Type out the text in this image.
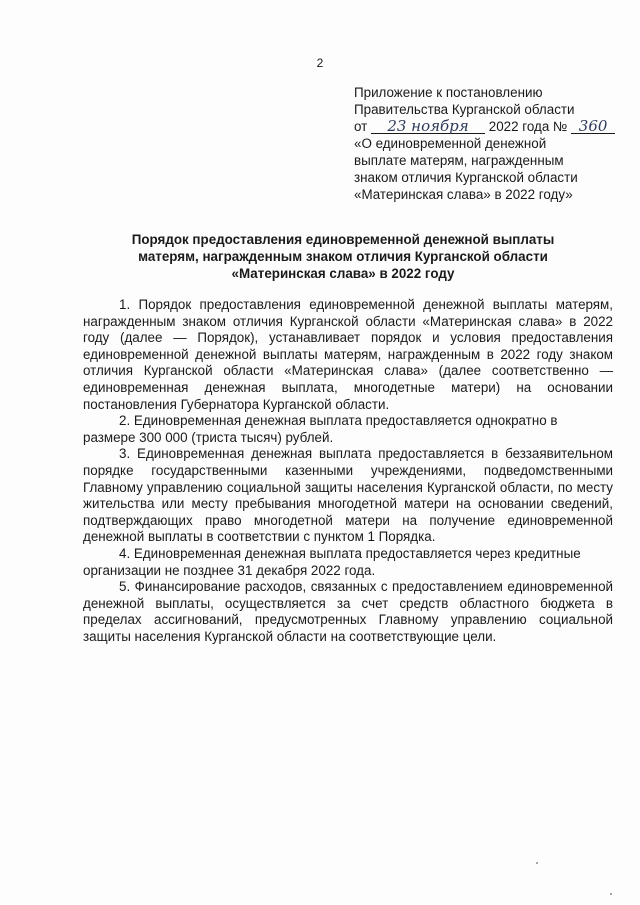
2
Приложение к постановлению
Правительства Курганской области
от 23 ноября 2022 года № 360
«О единовременной денежной
выплате матерям, награжденным
знаком отличия Курганской области
«Материнская слава» в 2022 году»
Порядок предоставления единовременной денежной выплаты
матерям, награжденным знаком отличия Курганской области
«Материнская слава» в 2022 году

1. Порядок предоставления единовременной денежной выплаты матерям, награжденным знаком отличия Курганской области «Материнская слава» в 2022 году (далее — Порядок), устанавливает порядок и условия предоставления единовременной денежной выплаты матерям, награжденным в 2022 году знаком отличия Курганской области «Материнская слава» (далее соответственно — единовременная денежная выплата, многодетные матери) на основании постановления Губернатора Курганской области.

2. Единовременная денежная выплата предоставляется однократно в размере 300 000 (триста тысяч) рублей.

3. Единовременная денежная выплата предоставляется в беззаявительном порядке государственными казенными учреждениями, подведомственными Главному управлению социальной защиты населения Курганской области, по месту жительства или месту пребывания многодетной матери на основании сведений, подтверждающих право многодетной матери на получение единовременной денежной выплаты в соответствии с пунктом 1 Порядка.

4. Единовременная денежная выплата предоставляется через кредитные организации не позднее 31 декабря 2022 года.

5. Финансирование расходов, связанных с предоставлением единовременной денежной выплаты, осуществляется за счет средств областного бюджета в пределах ассигнований, предусмотренных Главному управлению социальной защиты населения Курганской области на соответствующие цели.
